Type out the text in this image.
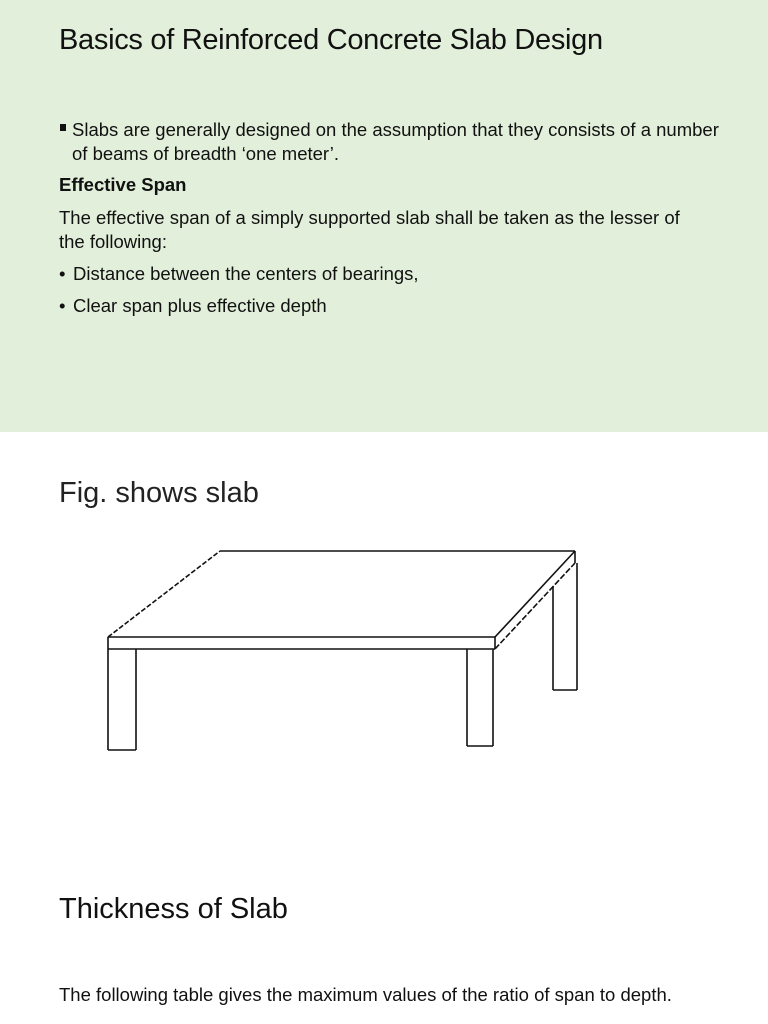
Basics of Reinforced Concrete Slab Design
Slabs are generally designed on the assumption that they consists of a number of beams of breadth ‘one meter’.
Effective Span
The effective span of a simply supported slab shall be taken as the lesser of the following:
• Distance between the centers of bearings,
• Clear span plus effective depth
Fig. shows slab
Thickness of Slab
The following table gives the maximum values of the ratio of span to depth.
